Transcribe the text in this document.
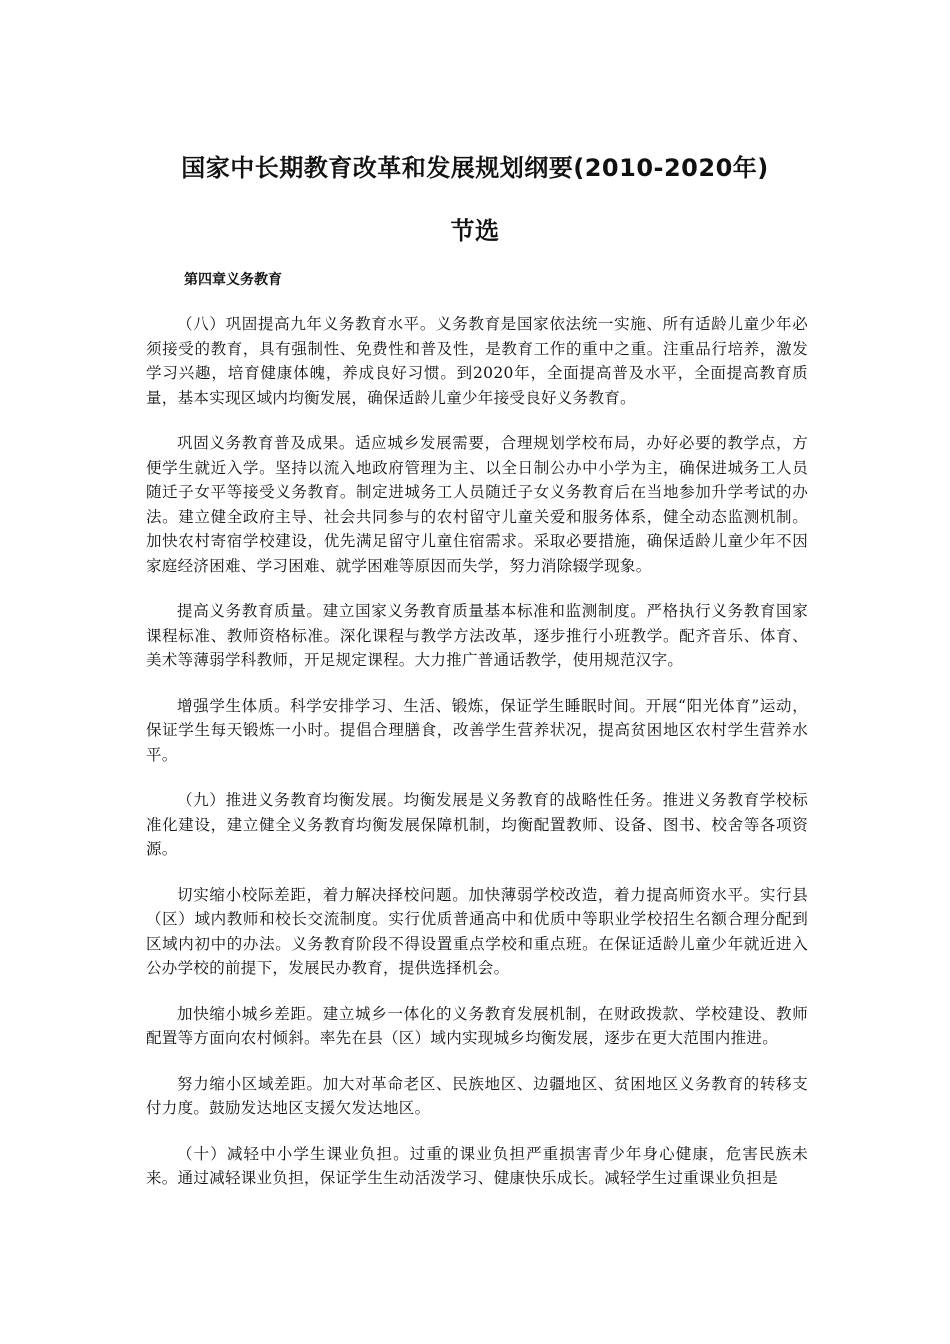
国家中长期教育改革和发展规划纲要(2010-2020年)
节选
第四章义务教育

（八）巩固提高九年义务教育水平。义务教育是国家依法统一实施、所有适龄儿童少年必须接受的教育，具有强制性、免费性和普及性，是教育工作的重中之重。注重品行培养，激发学习兴趣，培育健康体魄，养成良好习惯。到2020年，全面提高普及水平，全面提高教育质量，基本实现区域内均衡发展，确保适龄儿童少年接受良好义务教育。

巩固义务教育普及成果。适应城乡发展需要，合理规划学校布局，办好必要的教学点，方便学生就近入学。坚持以流入地政府管理为主、以全日制公办中小学为主，确保进城务工人员随迁子女平等接受义务教育。制定进城务工人员随迁子女义务教育后在当地参加升学考试的办法。建立健全政府主导、社会共同参与的农村留守儿童关爱和服务体系，健全动态监测机制。加快农村寄宿学校建设，优先满足留守儿童住宿需求。采取必要措施，确保适龄儿童少年不因家庭经济困难、学习困难、就学困难等原因而失学，努力消除辍学现象。

提高义务教育质量。建立国家义务教育质量基本标准和监测制度。严格执行义务教育国家课程标准、教师资格标准。深化课程与教学方法改革，逐步推行小班教学。配齐音乐、体育、美术等薄弱学科教师，开足规定课程。大力推广普通话教学，使用规范汉字。

增强学生体质。科学安排学习、生活、锻炼，保证学生睡眠时间。开展“阳光体育”运动，保证学生每天锻炼一小时。提倡合理膳食，改善学生营养状况，提高贫困地区农村学生营养水平。

（九）推进义务教育均衡发展。均衡发展是义务教育的战略性任务。推进义务教育学校标准化建设，建立健全义务教育均衡发展保障机制，均衡配置教师、设备、图书、校舍等各项资源。

切实缩小校际差距，着力解决择校问题。加快薄弱学校改造，着力提高师资水平。实行县（区）域内教师和校长交流制度。实行优质普通高中和优质中等职业学校招生名额合理分配到区域内初中的办法。义务教育阶段不得设置重点学校和重点班。在保证适龄儿童少年就近进入公办学校的前提下，发展民办教育，提供选择机会。

加快缩小城乡差距。建立城乡一体化的义务教育发展机制，在财政拨款、学校建设、教师配置等方面向农村倾斜。率先在县（区）域内实现城乡均衡发展，逐步在更大范围内推进。

努力缩小区域差距。加大对革命老区、民族地区、边疆地区、贫困地区义务教育的转移支付力度。鼓励发达地区支援欠发达地区。

（十）减轻中小学生课业负担。过重的课业负担严重损害青少年身心健康，危害民族未来。通过减轻课业负担，保证学生生动活泼学习、健康快乐成长。减轻学生过重课业负担是
